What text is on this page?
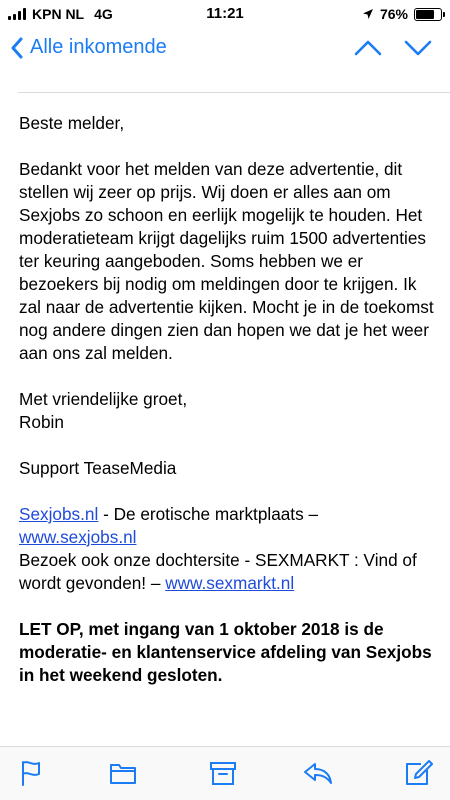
KPN NL 4G	11:21	76%
Alle inkomende

Beste melder,

Bedankt voor het melden van deze advertentie, dit stellen wij zeer op prijs. Wij doen er alles aan om Sexjobs zo schoon en eerlijk mogelijk te houden. Het moderatieteam krijgt dagelijks ruim 1500 advertenties ter keuring aangeboden. Soms hebben we er bezoekers bij nodig om meldingen door te krijgen. Ik zal naar de advertentie kijken. Mocht je in de toekomst nog andere dingen zien dan hopen we dat je het weer aan ons zal melden.

Met vriendelijke groet,
Robin

Support TeaseMedia

Sexjobs.nl - De erotische marktplaats – www.sexjobs.nl
Bezoek ook onze dochtersite - SEXMARKT : Vind of wordt gevonden! – www.sexmarkt.nl

LET OP, met ingang van 1 oktober 2018 is de moderatie- en klantenservice afdeling van Sexjobs in het weekend gesloten.
